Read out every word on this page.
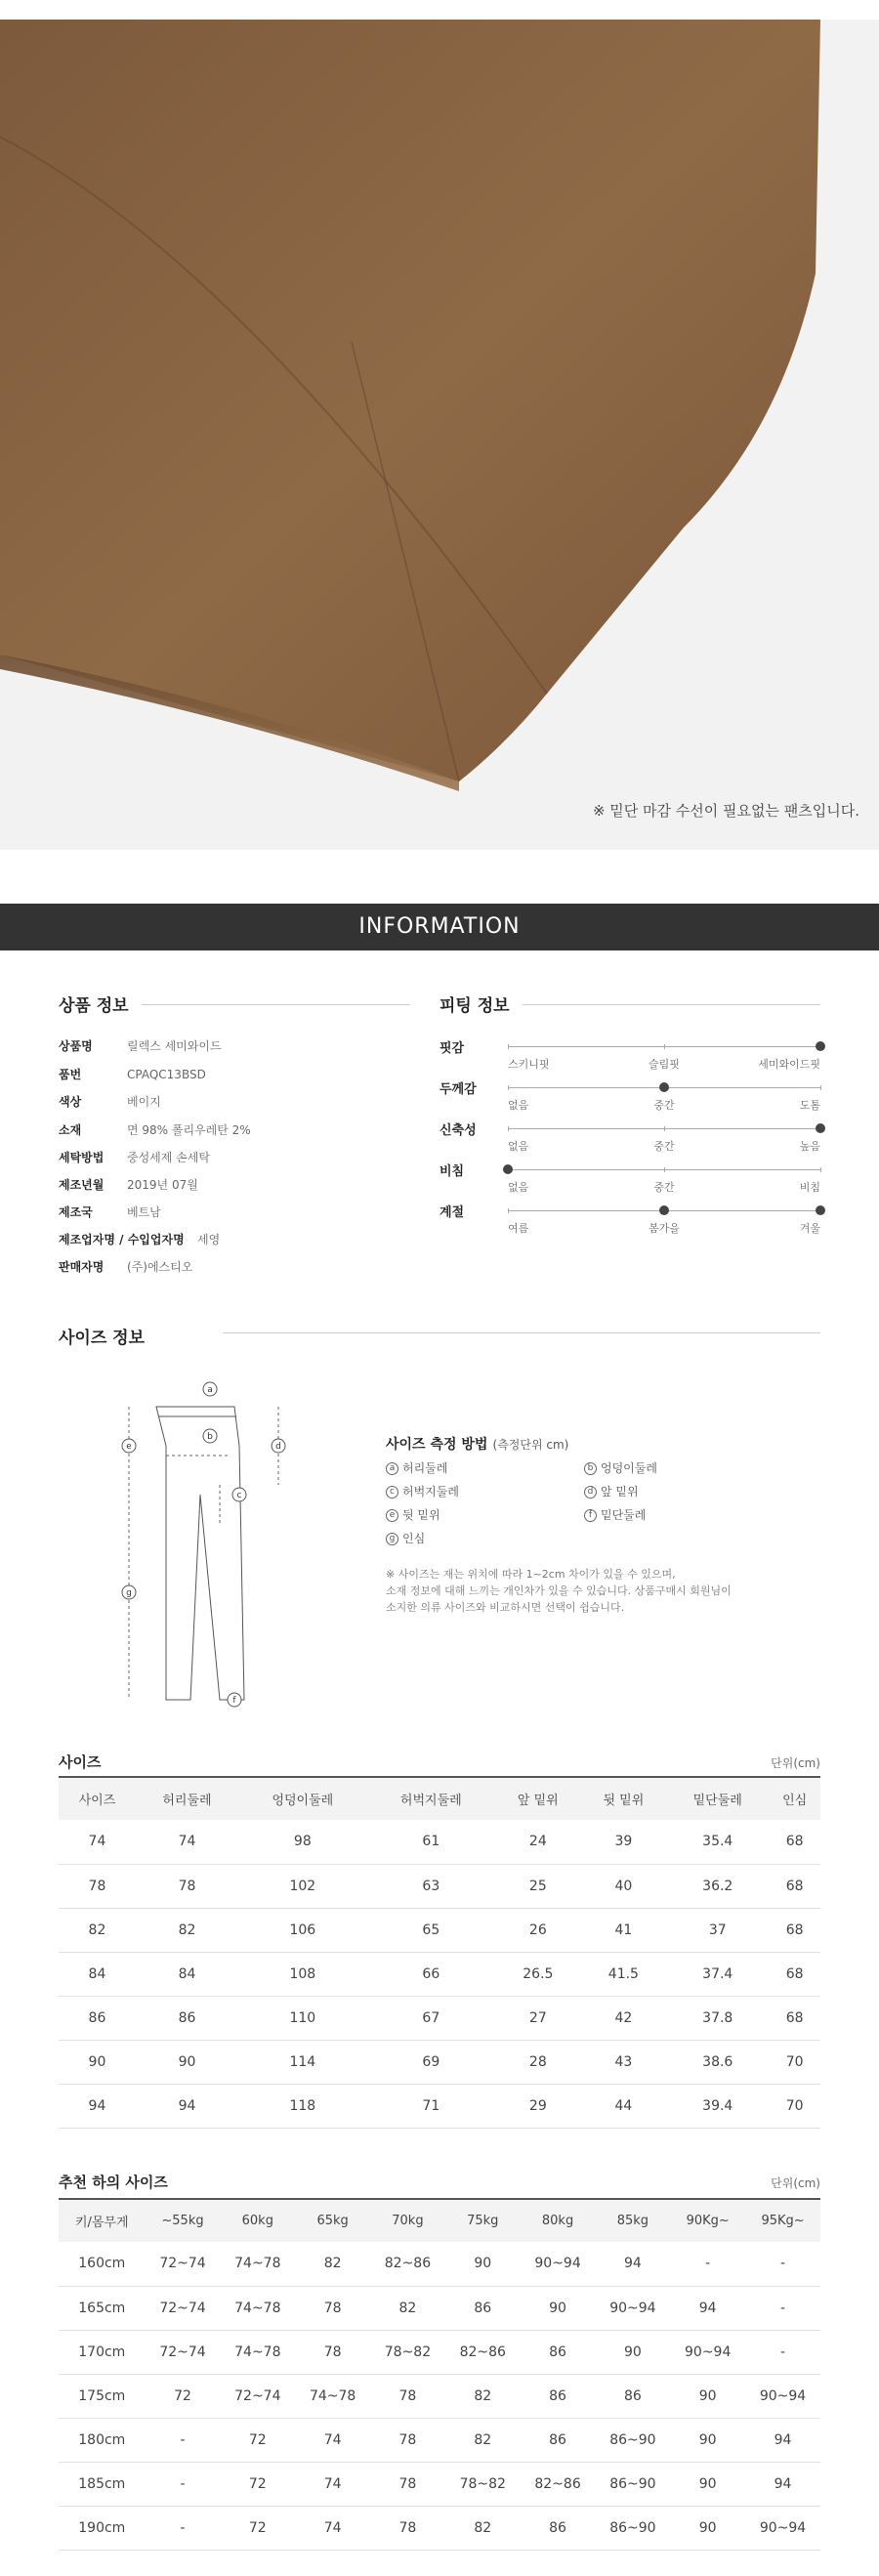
※ 밑단 마감 수선이 필요없는 팬츠입니다.
INFORMATION
상품 정보
상품명	릴렉스 세미와이드
품번	CPAQC13BSD
색상	베이지
소재	면 98% 폴리우레탄 2%
세탁방법 중성세제 손세탁
제조년월 2019년 07월
제조국	베트남
제조업자명 / 수입업자명 세영
판매자명 (주)에스티오
피팅 정보
핏감
스키니핏	슬림핏	세미와이드핏
두께감
없음	중간	도톰
신축성
없음	중간	높음
비침
없음	중간	비침
계절
여름	봄가을	겨울
사이즈 정보
a
b
c
d
e
f
g
사이즈 측정 방법 (측정단위 cm)
a 허리둘레	b 엉덩이둘레
c 허벅지둘레	d 앞 밑위
e 뒷 밑위	f 밑단둘레
g 인심
※ 사이즈는 재는 위치에 따라 1~2cm 차이가 있을 수 있으며,
소재 정보에 대해 느끼는 개인차가 있을 수 있습니다. 상품구매시 회원님이
소지한 의류 사이즈와 비교하시면 선택이 쉽습니다.
사이즈	단위(cm)
사이즈	허리둘레	엉덩이둘레	허벅지둘레	앞 밑위	뒷 밑위	밑단둘레	인심
74	74	98	61	24	39	35.4	68
78	78	102	63	25	40	36.2	68
82	82	106	65	26	41	37	68
84	84	108	66	26.5	41.5	37.4	68
86	86	110	67	27	42	37.8	68
90	90	114	69	28	43	38.6	70
94	94	118	71	29	44	39.4	70
추천 하의 사이즈	단위(cm)
키/몸무게	~55kg	60kg	65kg	70kg	75kg	80kg	85kg	90Kg~	95Kg~
160cm	72~74	74~78	82	82~86	90	90~94	94	-	-
165cm	72~74	74~78	78	82	86	90	90~94	94	-
170cm	72~74	74~78	78	78~82	82~86	86	90	90~94	-
175cm	72	72~74	74~78	78	82	86	86	90	90~94
180cm	-	72	74	78	82	86	86~90	90	94
185cm	-	72	74	78	78~82	82~86	86~90	90	94
190cm	-	72	74	78	82	86	86~90	90	90~94
